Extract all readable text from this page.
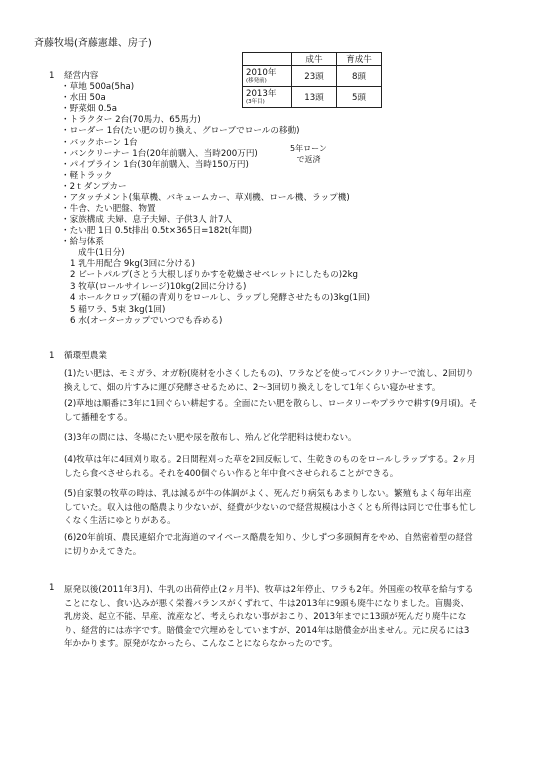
斉藤牧場(斉藤憲雄、房子)
1 経営内容
・草地 500a(5ha)
・水田 50a
・野菜畑 0.5a
・トラクター 2台(70馬力、65馬力)
・ローダー 1台(たい肥の切り換え、グローブでロールの移動)
・バックホーン 1台
・バンクリーナー 1台(20年前購入、当時200万円)
・パイプライン 1台(30年前購入、当時150万円)
・軽トラック
・2ｔダンプカー
・アタッチメント(集草機、バキュームカー、草刈機、ロール機、ラップ機)
・牛舎、たい肥盤、物置
・家族構成 夫婦、息子夫婦、子供3人 計7人
・たい肥 1日 0.5t排出 0.5t×365日=182t(年間)
・給与体系
	成牛	育成牛
2010年
(移発前)	23頭	8頭
2013年
(3年目)	13頭	5頭
5年ローン
で返済
成牛(1日分)
1 乳牛用配合 9kg(3回に分ける)
2 ビートパルプ(さとう大根しぼりかすを乾燥させペレットにしたもの)2kg
3 牧草(ロールサイレージ)10kg(2回に分ける)
4 ホールクロップ(稲の青刈りをロールし、ラップし発酵させたもの)3kg(1回)
5 稲ワラ、5束 3kg(1回)
6 水(オーターカップでいつでも呑める)
1 循環型農業
(1)たい肥は、モミガラ、オガ粉(廃材を小さくしたもの)、ワラなどを使ってバンクリナーで流し、2回切り換えして、畑の片すみに運び発酵させるために、2～3回切り換えしをして1年くらい寝かせます。
(2)草地は順番に3年に1回ぐらい耕起する。全面にたい肥を散らし、ロータリーやプラウで耕す(9月頃)。そして播種をする。
(3)3年の間には、冬場にたい肥や尿を散布し、殆んど化学肥料は使わない。
(4)牧草は年に4回刈り取る。2日間程刈った草を2回反転して、生乾きのものをロールしラップする。2ヶ月したら食べさせられる。それを400個ぐらい作ると年中食べさせられることができる。
(5)自家製の牧草の時は、乳は減るが牛の体調がよく、死んだり病気もあまりしない。繁殖もよく毎年出産していた。収入は他の酪農より少ないが、経費が少ないので経営規模は小さくとも所得は同じで仕事も忙しくなく生活にゆとりがある。
(6)20年前頃、農民連紹介で北海道のマイペース酪農を知り、少しずつ多頭飼育をやめ、自然密着型の経営に切りかえてきた。
1 原発以後(2011年3月)、牛乳の出荷停止(2ヶ月半)、牧草は2年停止、ワラも2年。外国産の牧草を給与することになし、食い込みが悪く栄養バランスがくずれて、牛は2013年に9頭も廃牛になりました。盲腸炎、乳房炎、起立不能、早産、流産など、考えられない事がおこり、2013年までに13頭が死んだり廃牛になり、経営的には赤字です。賠償金で穴埋めをしていますが、2014年は賠償金が出ません。元に戻るには3年かかります。原発がなかったら、こんなことにならなかったのです。
